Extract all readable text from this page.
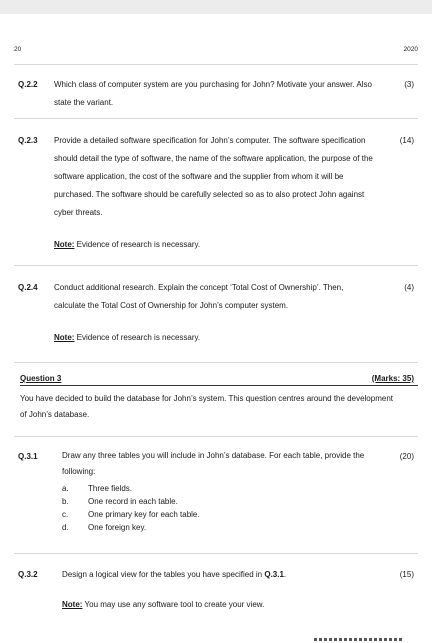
20	2020
Q.2.2 Which class of computer system are you purchasing for John? Motivate your answer. Also state the variant.
(3)
Q.2.3 Provide a detailed software specification for John’s computer. The software specification should detail the type of software, the name of the software application, the purpose of the software application, the cost of the software and the supplier from whom it will be purchased. The software should be carefully selected so as to also protect John against cyber threats.
Note: Evidence of research is necessary.
(14)
Q.2.4 Conduct additional research. Explain the concept ‘Total Cost of Ownership’. Then, calculate the Total Cost of Ownership for John’s computer system.
Note: Evidence of research is necessary.
(4)
Question 3	(Marks: 35)
You have decided to build the database for John’s system. This question centres around the development of John’s database.
Q.3.1	Draw any three tables you will include in John’s database. For each table, provide the following:
a. Three fields.
b. One record in each table.
c. One primary key for each table.
d. One foreign key.
(20)
Q.3.2	Design a logical view for the tables you have specified in Q.3.1.
Note: You may use any software tool to create your view.
(15)
